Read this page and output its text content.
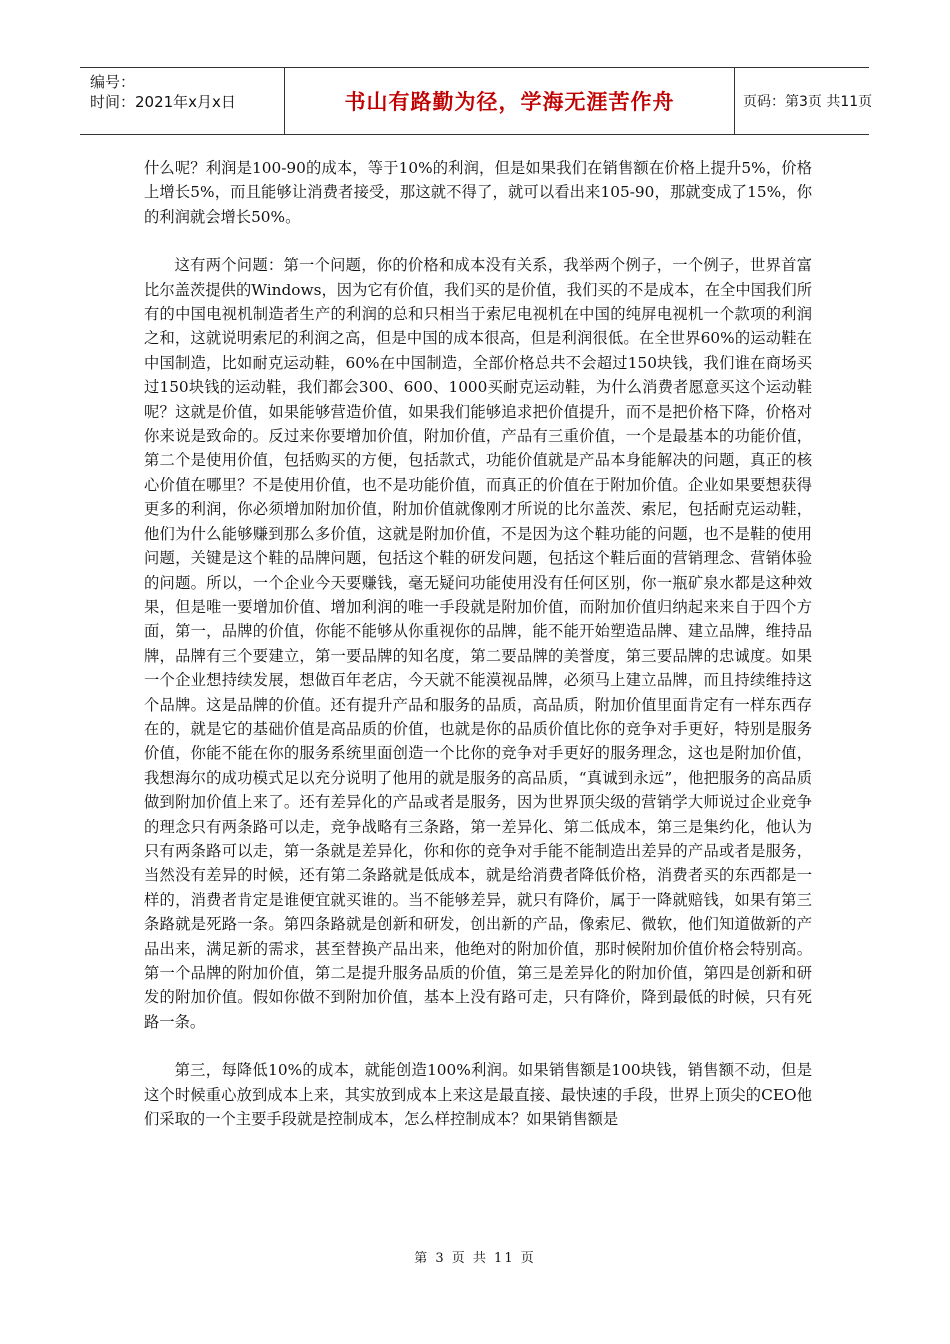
编号：
时间：2021年x月x日	书山有路勤为径，学海无涯苦作舟	页码：第3页 共11页

什么呢？利润是100-90的成本，等于10%的利润，但是如果我们在销售额在价格上提升5%，价格上增长5%，而且能够让消费者接受，那这就不得了，就可以看出来105-90，那就变成了15%，你的利润就会增长50%。

这有两个问题：第一个问题，你的价格和成本没有关系，我举两个例子，一个例子，世界首富比尔盖茨提供的Windows，因为它有价值，我们买的是价值，我们买的不是成本，在全中国我们所有的中国电视机制造者生产的利润的总和只相当于索尼电视机在中国的纯屏电视机一个款项的利润之和，这就说明索尼的利润之高，但是中国的成本很高，但是利润很低。在全世界60%的运动鞋在中国制造，比如耐克运动鞋，60%在中国制造，全部价格总共不会超过150块钱，我们谁在商场买过150块钱的运动鞋，我们都会300、600、1000买耐克运动鞋，为什么消费者愿意买这个运动鞋呢？这就是价值，如果能够营造价值，如果我们能够追求把价值提升，而不是把价格下降，价格对你来说是致命的。反过来你要增加价值，附加价值，产品有三重价值，一个是最基本的功能价值，第二个是使用价值，包括购买的方便，包括款式，功能价值就是产品本身能解决的问题，真正的核心价值在哪里？不是使用价值，也不是功能价值，而真正的价值在于附加价值。企业如果要想获得更多的利润，你必须增加附加价值，附加价值就像刚才所说的比尔盖茨、索尼，包括耐克运动鞋，他们为什么能够赚到那么多价值，这就是附加价值，不是因为这个鞋功能的问题，也不是鞋的使用问题，关键是这个鞋的品牌问题，包括这个鞋的研发问题，包括这个鞋后面的营销理念、营销体验的问题。所以，一个企业今天要赚钱，毫无疑问功能使用没有任何区别，你一瓶矿泉水都是这种效果，但是唯一要增加价值、增加利润的唯一手段就是附加价值，而附加价值归纳起来来自于四个方面，第一，品牌的价值，你能不能够从你重视你的品牌，能不能开始塑造品牌、建立品牌，维持品牌，品牌有三个要建立，第一要品牌的知名度，第二要品牌的美誉度，第三要品牌的忠诚度。如果一个企业想持续发展，想做百年老店，今天就不能漠视品牌，必须马上建立品牌，而且持续维持这个品牌。这是品牌的价值。还有提升产品和服务的品质，高品质，附加价值里面肯定有一样东西存在的，就是它的基础价值是高品质的价值，也就是你的品质价值比你的竞争对手更好，特别是服务价值，你能不能在你的服务系统里面创造一个比你的竞争对手更好的服务理念，这也是附加价值，我想海尔的成功模式足以充分说明了他用的就是服务的高品质，“真诚到永远”，他把服务的高品质做到附加价值上来了。还有差异化的产品或者是服务，因为世界顶尖级的营销学大师说过企业竞争的理念只有两条路可以走，竞争战略有三条路，第一差异化、第二低成本，第三是集约化，他认为只有两条路可以走，第一条就是差异化，你和你的竞争对手能不能制造出差异的产品或者是服务，当然没有差异的时候，还有第二条路就是低成本，就是给消费者降低价格，消费者买的东西都是一样的，消费者肯定是谁便宜就买谁的。当不能够差异，就只有降价，属于一降就赔钱，如果有第三条路就是死路一条。第四条路就是创新和研发，创出新的产品，像索尼、微软，他们知道做新的产品出来，满足新的需求，甚至替换产品出来，他绝对的附加价值，那时候附加价值价格会特别高。第一个品牌的附加价值，第二是提升服务品质的价值，第三是差异化的附加价值，第四是创新和研发的附加价值。假如你做不到附加价值，基本上没有路可走，只有降价，降到最低的时候，只有死路一条。

第三，每降低10%的成本，就能创造100%利润。如果销售额是100块钱，销售额不动，但是这个时候重心放到成本上来，其实放到成本上来这是最直接、最快速的手段，世界上顶尖的CEO他们采取的一个主要手段就是控制成本，怎么样控制成本？如果销售额是

第 3 页 共 11 页
